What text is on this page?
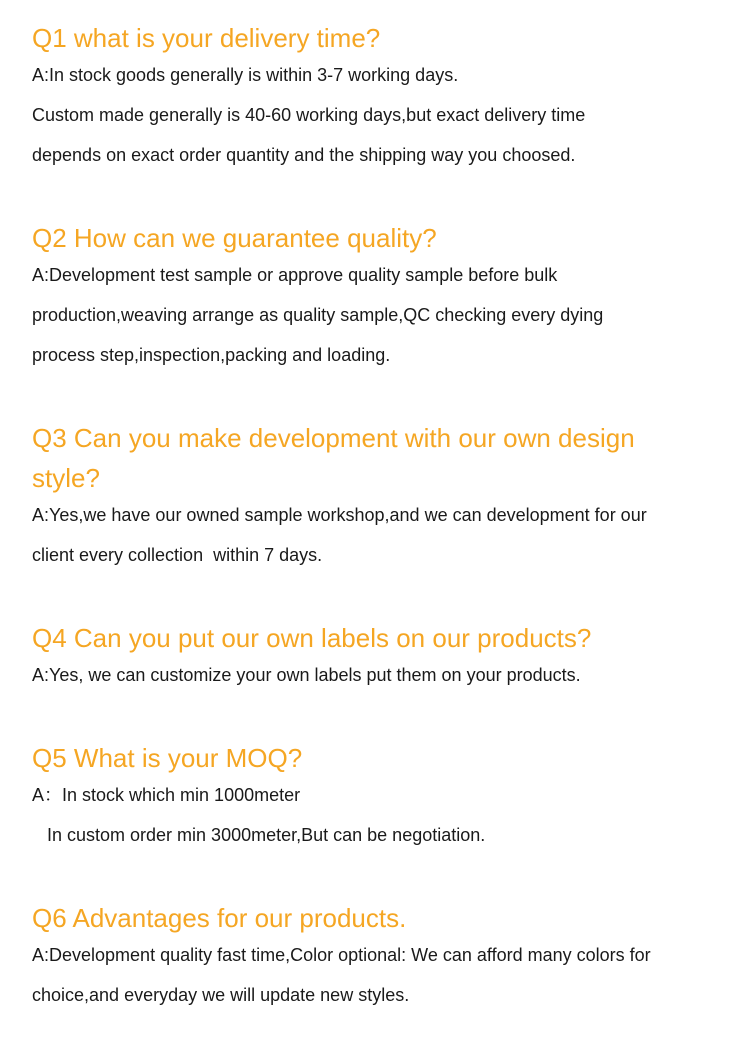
Q1 what is your delivery time?

A:In stock goods generally is within 3-7 working days.

Custom made generally is 40-60 working days,but exact delivery time

depends on exact order quantity and the shipping way you choosed.

Q2 How can we guarantee quality?

A:Development test sample or approve quality sample before bulk

production,weaving arrange as quality sample,QC checking every dying

process step,inspection,packing and loading.

Q3 Can you make development with our own design
style?

A:Yes,we have our owned sample workshop,and we can development for our

client every collection  within 7 days.

Q4 Can you put our own labels on our products?

A:Yes, we can customize your own labels put them on your products.

Q5 What is your MOQ?

A：In stock which min 1000meter

In custom order min 3000meter,But can be negotiation.

Q6 Advantages for our products.

A:Development quality fast time,Color optional: We can afford many colors for

choice,and everyday we will update new styles.
